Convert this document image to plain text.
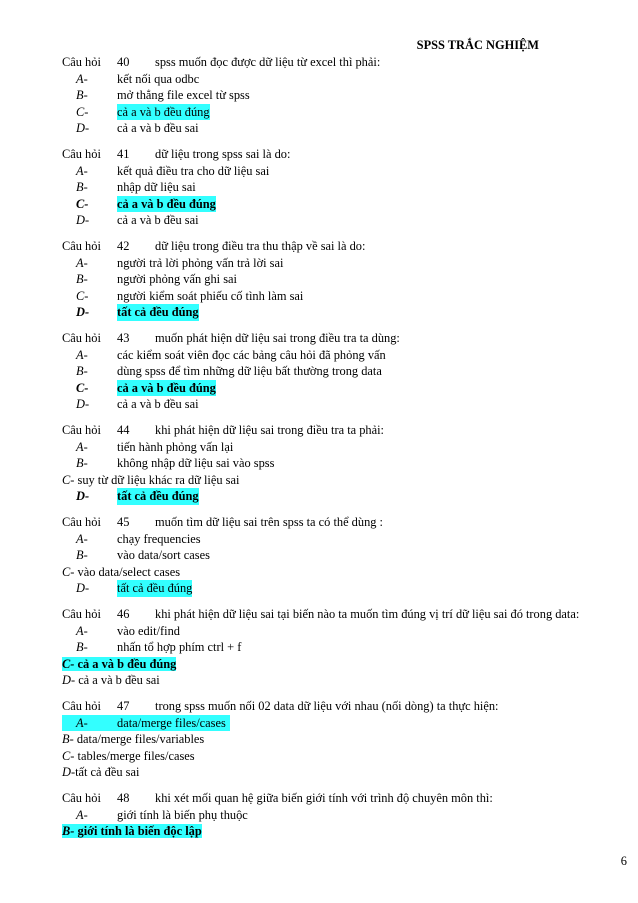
SPSS TRẮC NGHIỆM
Câu hỏi 40 spss muốn đọc được dữ liệu từ excel thì phải:
A- kết nối qua odbc
B- mở thẳng file excel từ spss
C- cả a và b đều đúng
D- cả a và b đều sai
Câu hỏi 41 dữ liệu trong spss sai là do:
A- kết quả điều tra cho dữ liệu sai
B- nhập dữ liệu sai
C- cả a và b đều đúng
D- cả a và b đều sai
Câu hỏi 42 dữ liệu trong điều tra thu thập về sai là do:
A- người trả lời phỏng vấn trả lời sai
B- người phỏng vấn ghi sai
C- người kiểm soát phiếu cố tình làm sai
D- tất cả đều đúng
Câu hỏi 43 muốn phát hiện dữ liệu sai trong điều tra ta dùng:
A- các kiểm soát viên đọc các bảng câu hỏi đã phỏng vấn
B- dùng spss để tìm những dữ liệu bất thường trong data
C- cả a và b đều đúng
D- cả a và b đều sai
Câu hỏi 44 khi phát hiện dữ liệu sai trong điều tra ta phải:
A- tiến hành phỏng vấn lại
B- không nhập dữ liệu sai vào spss
C- suy từ dữ liệu khác ra dữ liệu sai
D- tất cả đều đúng
Câu hỏi 45 muốn tìm dữ liệu sai trên spss ta có thể dùng :
A- chạy frequencies
B- vào data/sort cases
C- vào data/select cases
D- tất cả đều đúng
Câu hỏi 46 khi phát hiện dữ liệu sai tại biến nào ta muốn tìm đúng vị trí dữ liệu sai đó trong data:
A- vào edit/find
B- nhấn tổ hợp phím ctrl + f
C- cả a và b đều đúng
D- cả a và b đều sai
Câu hỏi 47 trong spss muốn nối 02 data dữ liệu với nhau (nối dòng) ta thực hiện:
A- data/merge files/cases
B- data/merge files/variables
C- tables/merge files/cases
D-tất cả đều sai
Câu hỏi 48 khi xét mối quan hệ giữa biến giới tính với trình độ chuyên môn thì:
A- giới tính là biến phụ thuộc
B- giới tính là biến độc lập
6
